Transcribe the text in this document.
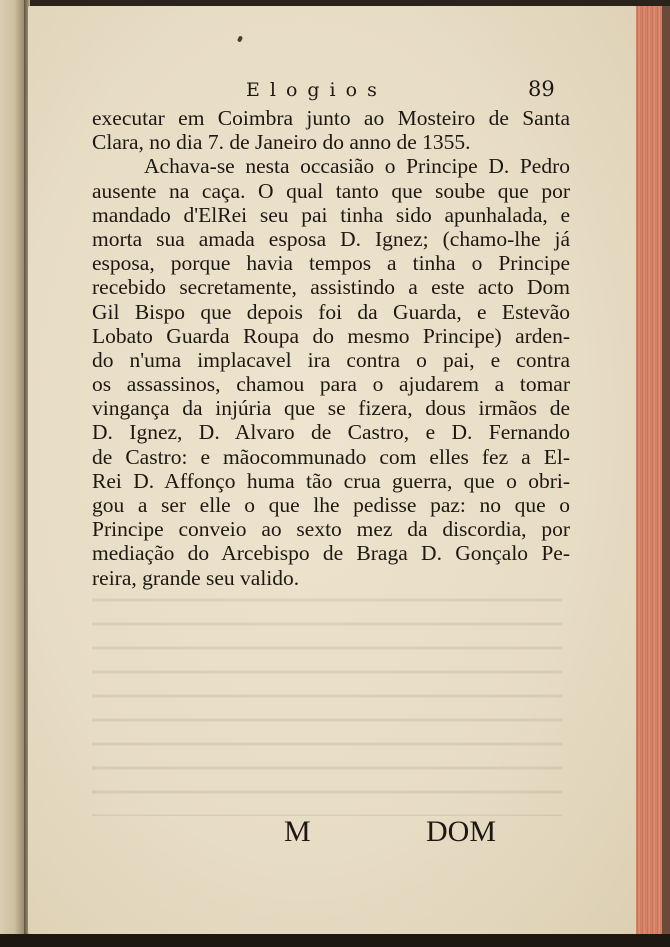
Elogios	89
executar em Coimbra junto ao Mosteiro de Santa
Clara, no dia 7. de Janeiro do anno de 1355.
Achava-se nesta occasião o Principe D. Pedro
ausente na caça. O qual tanto que soube que por
mandado d'ElRei seu pai tinha sido apunhalada, e
morta sua amada esposa D. Ignez; (chamo-lhe já
esposa, porque havia tempos a tinha o Principe
recebido secretamente, assistindo a este acto Dom
Gil Bispo que depois foi da Guarda, e Estevão
Lobato Guarda Roupa do mesmo Principe) arden-
do n'uma implacavel ira contra o pai, e contra
os assassinos, chamou para o ajudarem a tomar
vingança da injúria que se fizera, dous irmãos de
D. Ignez, D. Alvaro de Castro, e D. Fernando
de Castro: e mãocommunado com elles fez a El-
Rei D. Affonço huma tão crua guerra, que o obri-
gou a ser elle o que lhe pedisse paz: no que o
Principe conveio ao sexto mez da discordia, por
mediação do Arcebispo de Braga D. Gonçalo Pe-
reira, grande seu valido.
M	DOM
